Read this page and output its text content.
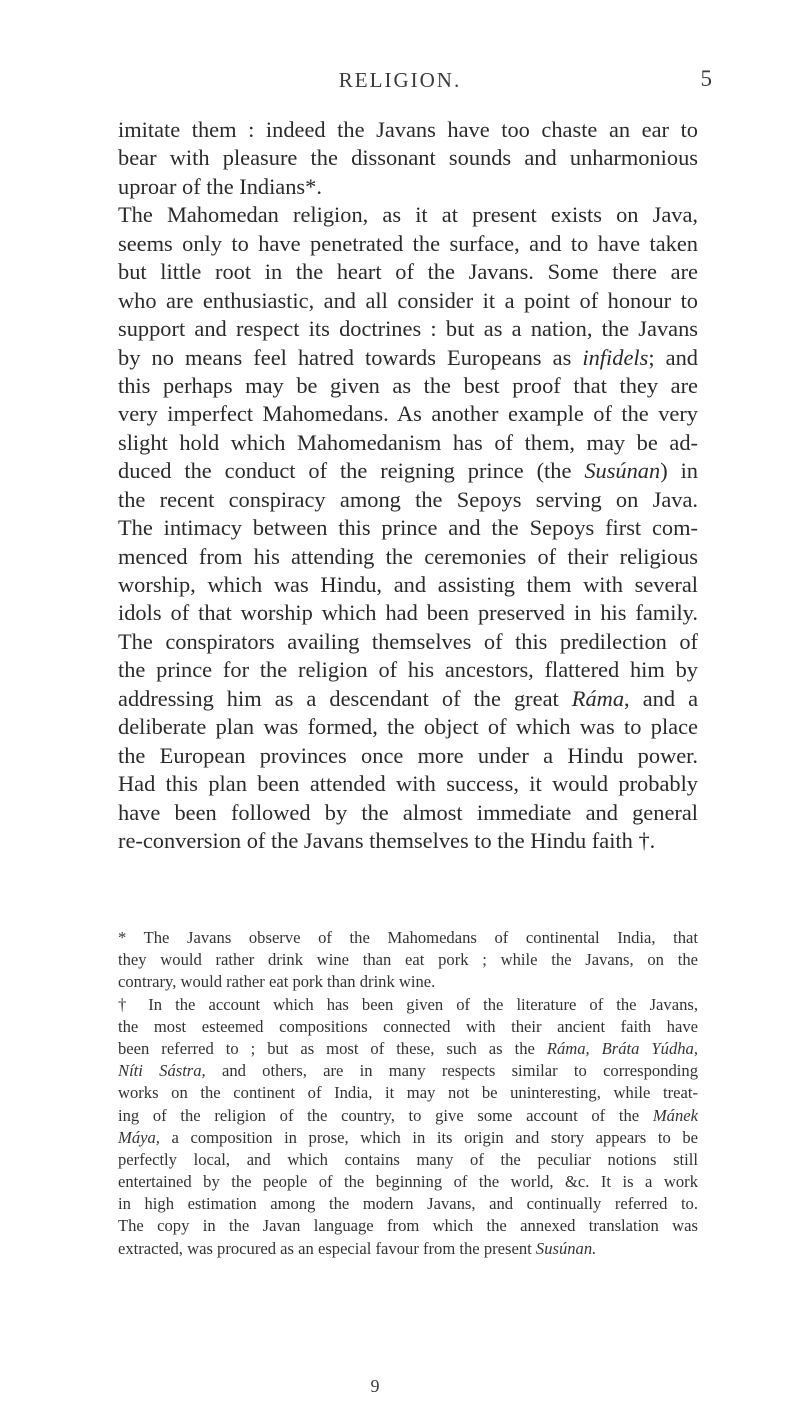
RELIGION.	5
imitate them : indeed the Javans have too chaste an ear to
bear with pleasure the dissonant sounds and unharmonious
uproar of the Indians*.
The Mahomedan religion, as it at present exists on Java,
seems only to have penetrated the surface, and to have taken
but little root in the heart of the Javans. Some there are
who are enthusiastic, and all consider it a point of honour to
support and respect its doctrines : but as a nation, the Javans
by no means feel hatred towards Europeans as infidels; and
this perhaps may be given as the best proof that they are
very imperfect Mahomedans. As another example of the very
slight hold which Mahomedanism has of them, may be ad-
duced the conduct of the reigning prince (the Susúnan) in
the recent conspiracy among the Sepoys serving on Java.
The intimacy between this prince and the Sepoys first com-
menced from his attending the ceremonies of their religious
worship, which was Hindu, and assisting them with several
idols of that worship which had been preserved in his family.
The conspirators availing themselves of this predilection of
the prince for the religion of his ancestors, flattered him by
addressing him as a descendant of the great Ráma, and a
deliberate plan was formed, the object of which was to place
the European provinces once more under a Hindu power.
Had this plan been attended with success, it would probably
have been followed by the almost immediate and general
re-conversion of the Javans themselves to the Hindu faith †.
* The Javans observe of the Mahomedans of continental India, that
they would rather drink wine than eat pork ; while the Javans, on the
contrary, would rather eat pork than drink wine.
† In the account which has been given of the literature of the Javans,
the most esteemed compositions connected with their ancient faith have
been referred to ; but as most of these, such as the Ráma, Bráta Yúdha,
Níti Sástra, and others, are in many respects similar to corresponding
works on the continent of India, it may not be uninteresting, while treat-
ing of the religion of the country, to give some account of the Mánek
Máya, a composition in prose, which in its origin and story appears to be
perfectly local, and which contains many of the peculiar notions still
entertained by the people of the beginning of the world, &c. It is a work
in high estimation among the modern Javans, and continually referred to.
The copy in the Javan language from which the annexed translation was
extracted, was procured as an especial favour from the present Susúnan.
9
